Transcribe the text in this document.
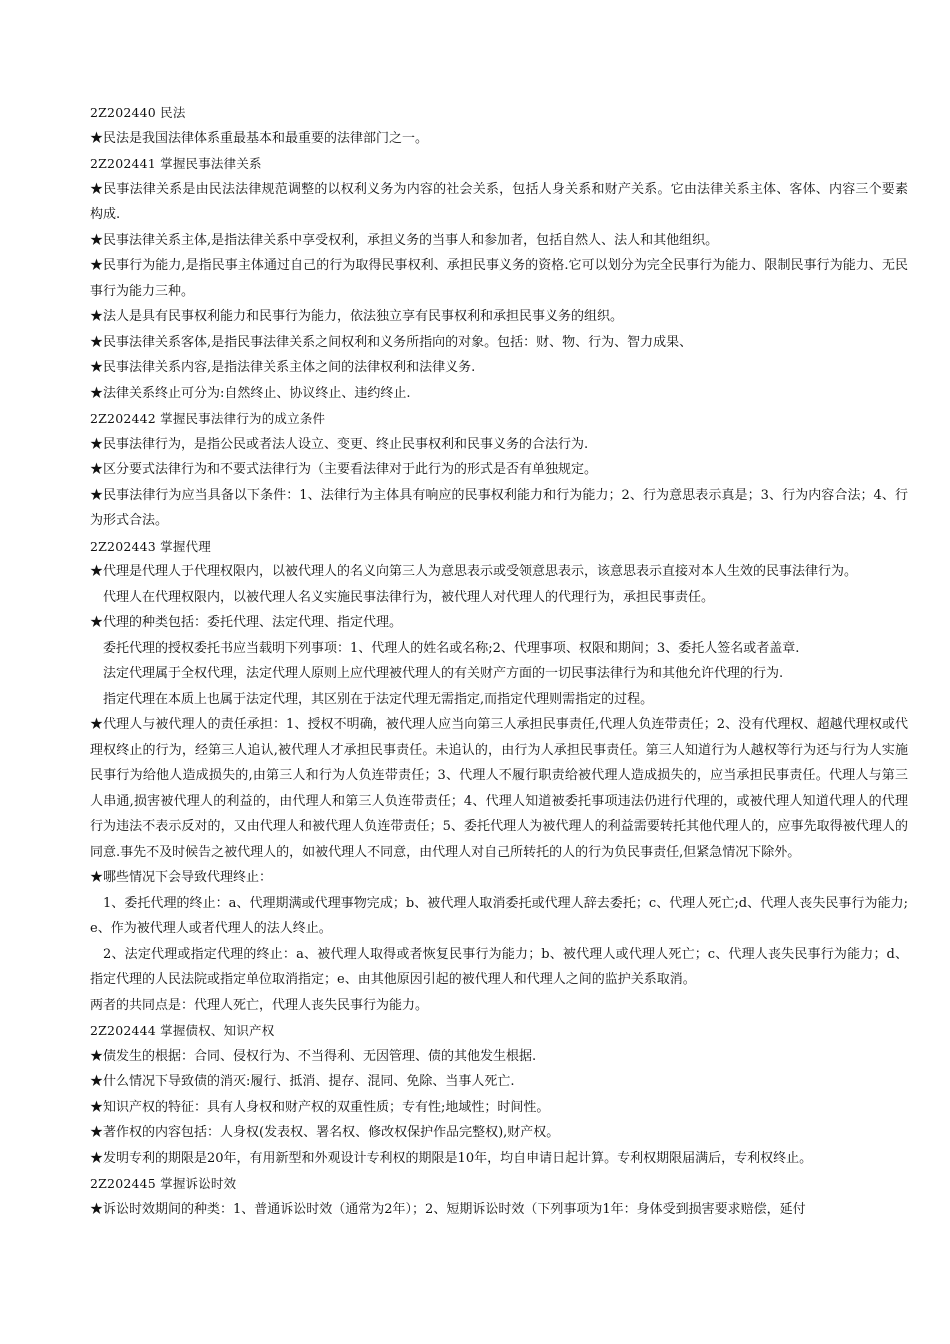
2Z202440 民法

★民法是我国法律体系重最基本和最重要的法律部门之一。

2Z202441 掌握民事法律关系

★民事法律关系是由民法法律规范调整的以权利义务为内容的社会关系，包括人身关系和财产关系。它由法律关系主体、客体、内容三个要素构成.

★民事法律关系主体,是指法律关系中享受权利，承担义务的当事人和参加者，包括自然人、法人和其他组织。

★民事行为能力,是指民事主体通过自己的行为取得民事权利、承担民事义务的资格.它可以划分为完全民事行为能力、限制民事行为能力、无民事行为能力三种。

★法人是具有民事权利能力和民事行为能力，依法独立享有民事权利和承担民事义务的组织。

★民事法律关系客体,是指民事法律关系之间权利和义务所指向的对象。包括：财、物、行为、智力成果、

★民事法律关系内容,是指法律关系主体之间的法律权利和法律义务.

★法律关系终止可分为:自然终止、协议终止、违约终止.

2Z202442 掌握民事法律行为的成立条件

★民事法律行为，是指公民或者法人设立、变更、终止民事权利和民事义务的合法行为.

★区分要式法律行为和不要式法律行为（主要看法律对于此行为的形式是否有单独规定。

★民事法律行为应当具备以下条件：1、法律行为主体具有响应的民事权利能力和行为能力；2、行为意思表示真是；3、行为内容合法；4、行为形式合法。

2Z202443 掌握代理

★代理是代理人于代理权限内，以被代理人的名义向第三人为意思表示或受领意思表示，该意思表示直接对本人生效的民事法律行为。

代理人在代理权限内，以被代理人名义实施民事法律行为，被代理人对代理人的代理行为，承担民事责任。

★代理的种类包括：委托代理、法定代理、指定代理。

委托代理的授权委托书应当载明下列事项：1、代理人的姓名或名称;2、代理事项、权限和期间；3、委托人签名或者盖章.

法定代理属于全权代理，法定代理人原则上应代理被代理人的有关财产方面的一切民事法律行为和其他允许代理的行为.

指定代理在本质上也属于法定代理，其区别在于法定代理无需指定,而指定代理则需指定的过程。

★代理人与被代理人的责任承担：1、授权不明确，被代理人应当向第三人承担民事责任,代理人负连带责任；2、没有代理权、超越代理权或代理权终止的行为，经第三人追认,被代理人才承担民事责任。未追认的，由行为人承担民事责任。第三人知道行为人越权等行为还与行为人实施民事行为给他人造成损失的,由第三人和行为人负连带责任；3、代理人不履行职责给被代理人造成损失的，应当承担民事责任。代理人与第三人串通,损害被代理人的利益的，由代理人和第三人负连带责任；4、代理人知道被委托事项违法仍进行代理的，或被代理人知道代理人的代理行为违法不表示反对的，又由代理人和被代理人负连带责任；5、委托代理人为被代理人的利益需要转托其他代理人的，应事先取得被代理人的同意.事先不及时候告之被代理人的，如被代理人不同意，由代理人对自己所转托的人的行为负民事责任,但紧急情况下除外。

★哪些情况下会导致代理终止：

1、委托代理的终止：a、代理期满或代理事物完成；b、被代理人取消委托或代理人辞去委托；c、代理人死亡;d、代理人丧失民事行为能力;e、作为被代理人或者代理人的法人终止。

2、法定代理或指定代理的终止：a、被代理人取得或者恢复民事行为能力；b、被代理人或代理人死亡；c、代理人丧失民事行为能力；d、指定代理的人民法院或指定单位取消指定；e、由其他原因引起的被代理人和代理人之间的监护关系取消。

两者的共同点是：代理人死亡，代理人丧失民事行为能力。

2Z202444 掌握债权、知识产权

★债发生的根据：合同、侵权行为、不当得利、无因管理、债的其他发生根据.

★什么情况下导致债的消灭:履行、抵消、提存、混同、免除、当事人死亡.

★知识产权的特征：具有人身权和财产权的双重性质；专有性;地域性；时间性。

★著作权的内容包括：人身权(发表权、署名权、修改权保护作品完整权),财产权。

★发明专利的期限是20年，有用新型和外观设计专利权的期限是10年，均自申请日起计算。专利权期限届满后，专利权终止。

2Z202445 掌握诉讼时效

★诉讼时效期间的种类：1、普通诉讼时效（通常为2年）；2、短期诉讼时效（下列事项为1年：身体受到损害要求赔偿，延付
